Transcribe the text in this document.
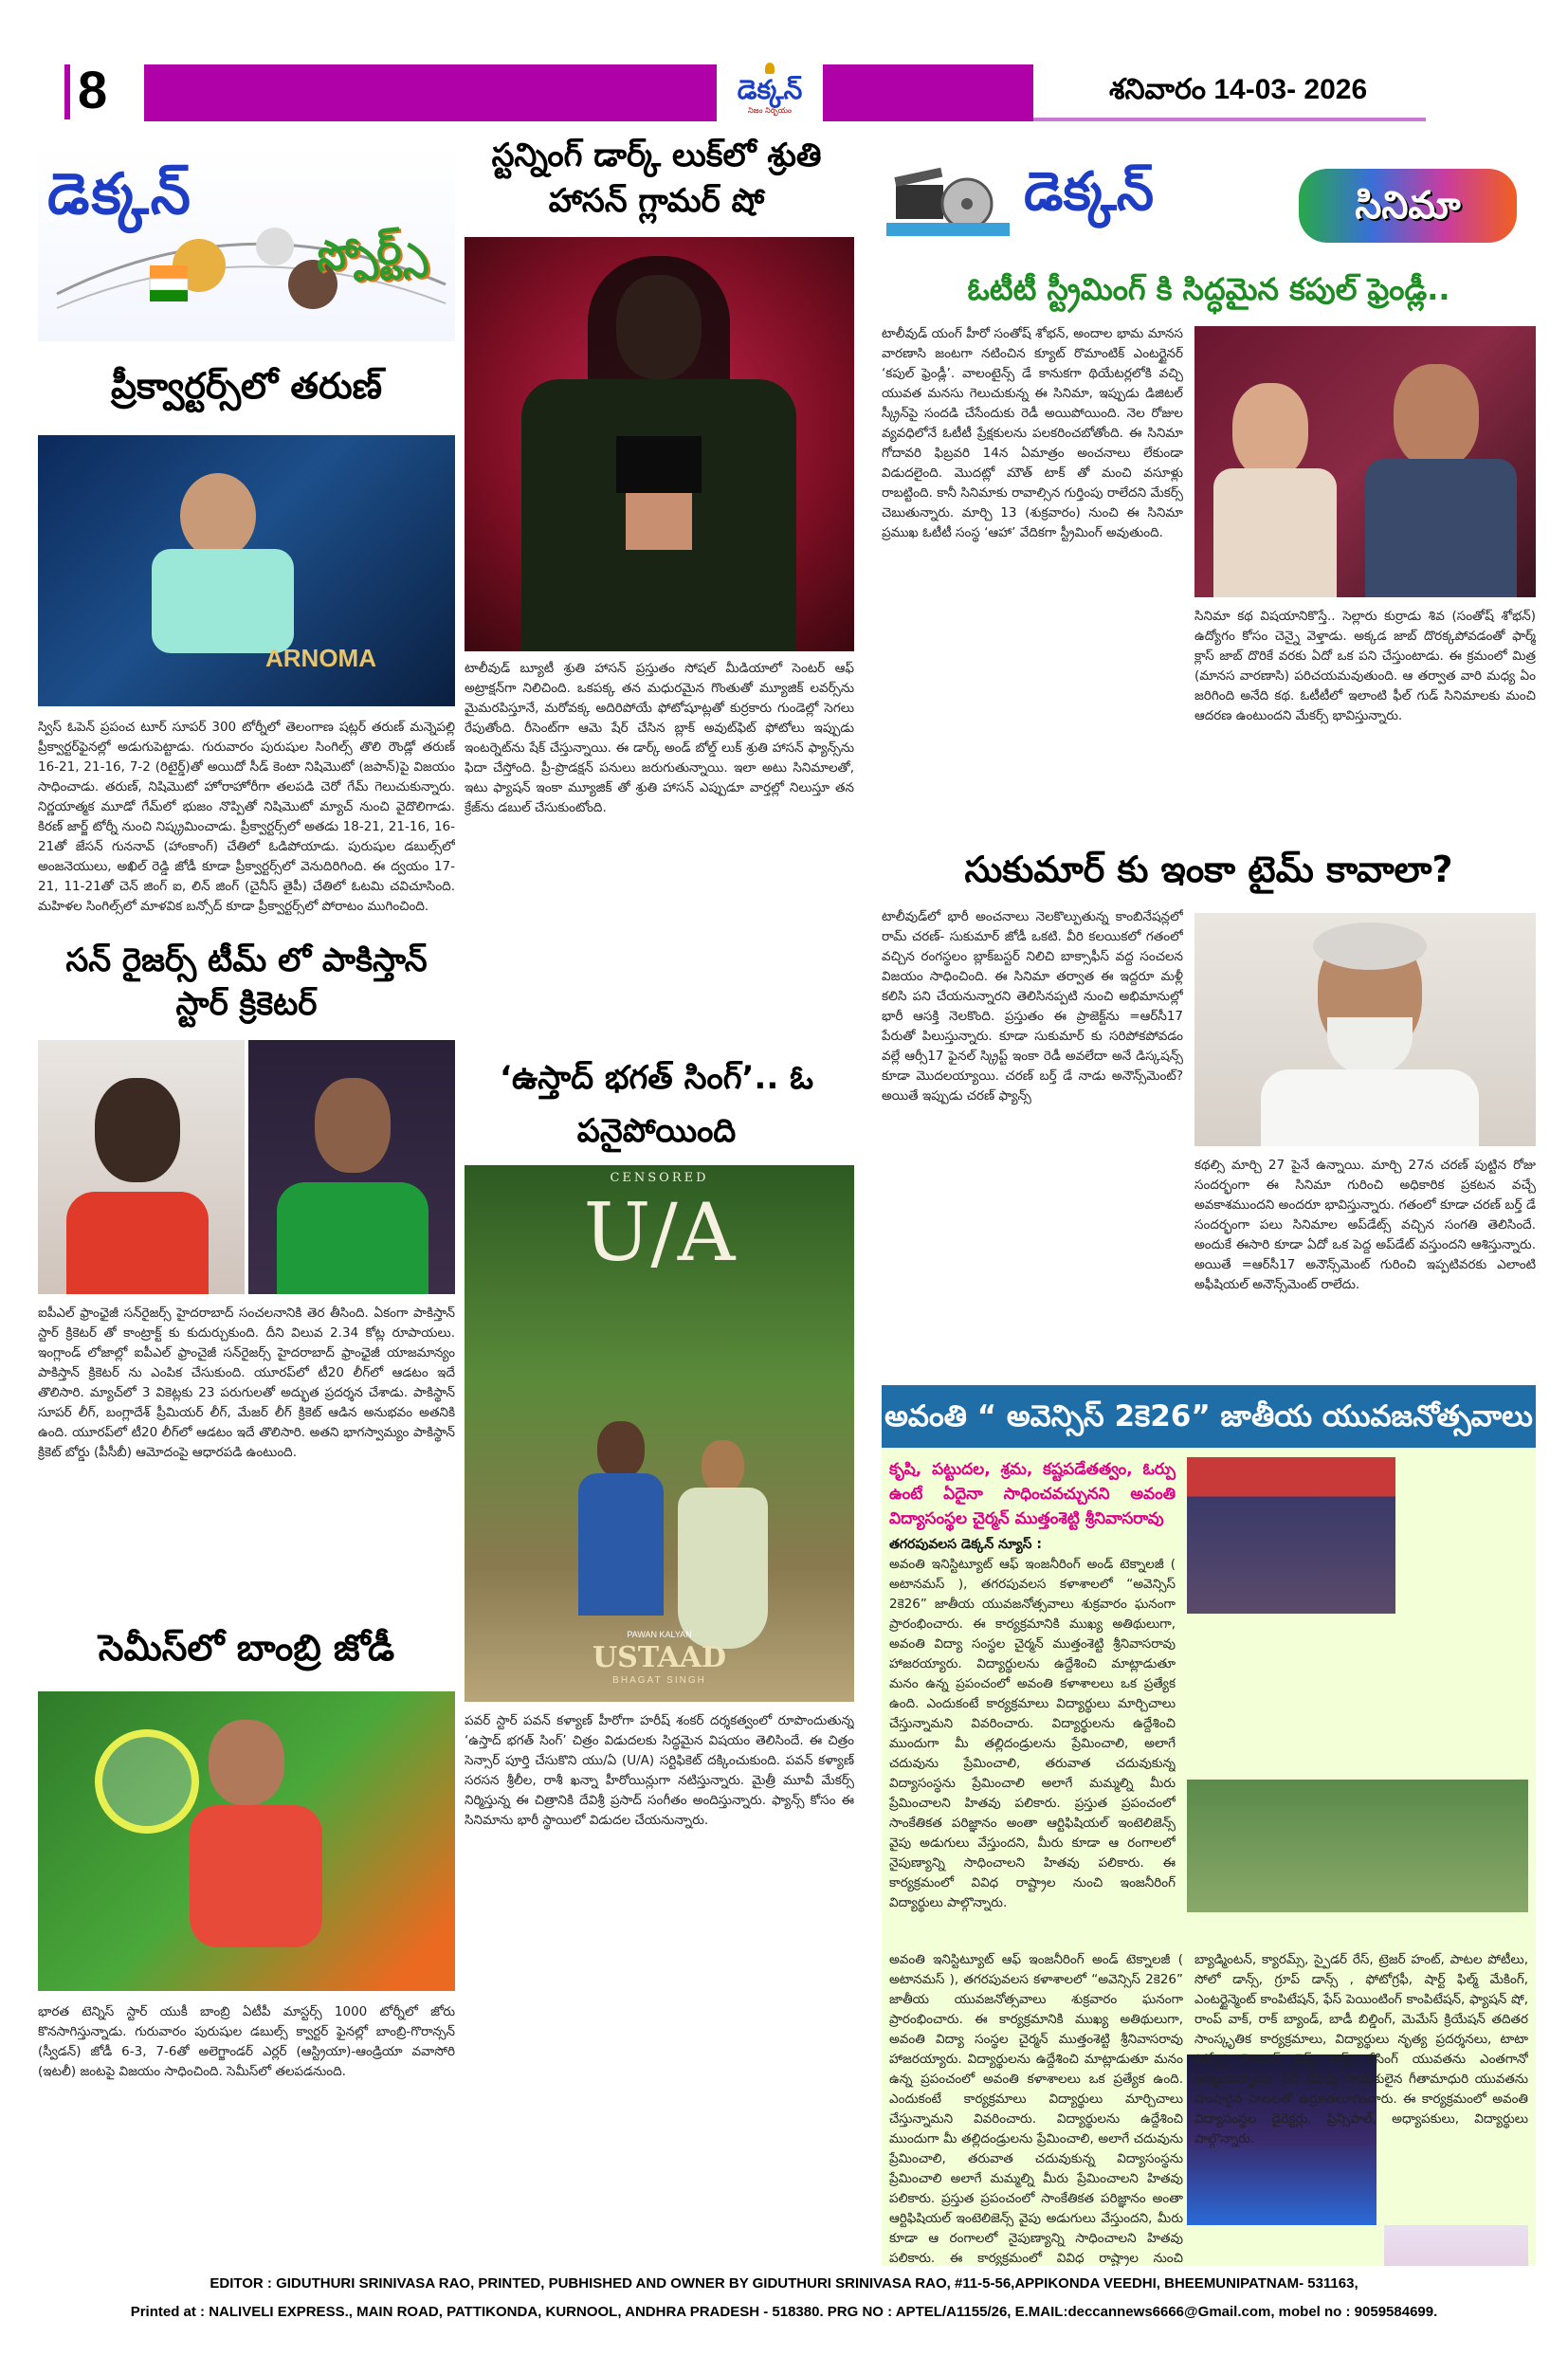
8	డెక్కన్
నిజం నిర్భయం
శనివారం 14-03- 2026
డెక్కన్
స్పోర్ట్స్
ప్రీక్వార్టర్స్‌లో తరుణ్
ARNOMA
స్విస్ ఓపెన్ ప్రపంచ టూర్ సూపర్ 300 టోర్నీలో తెలంగాణ షట్లర్ తరుణ్ మన్నెపల్లి ప్రీక్వార్టర్‌ఫైనల్లో అడుగుపెట్టాడు. గురువారం పురుషుల సింగిల్స్ తొలి రౌండ్లో తరుణ్ 16-21, 21-16, 7-2 (రిటైర్డ్)తో అయిదో సీడ్ కెంటా నిషిమొటో (జపాన్)పై విజయం సాధించాడు. తరుణ్, నిషిమొటో హోరాహోరీగా తలపడి చెరో గేమ్ గెలుచుకున్నారు. నిర్ణయాత్మక మూడో గేమ్‌లో భుజం నొప్పితో నిషిమొటో మ్యాచ్ నుంచి వైదొలిగాడు. కిరణ్ జార్జ్ టోర్నీ నుంచి నిష్క్రమించాడు. ప్రీక్వార్టర్స్‌లో అతడు 18-21, 21-16, 16-21తో జేసన్ గుననావ్ (హాంకాంగ్) చేతిలో ఓడిపోయాడు. పురుషుల డబుల్స్‌లో అంజనెయులు, అఖిల్ రెడ్డి జోడీ కూడా ప్రీక్వార్టర్స్‌లో వెనుదిరిగింది. ఈ ద్వయం 17-21, 11-21తో చెన్ జింగ్ ఐ, లిన్ జింగ్ (చైనీస్ తైపీ) చేతిలో ఓటమి చవిచూసింది. మహిళల సింగిల్స్‌లో మాళవిక బన్సోద్ కూడా ప్రీక్వార్టర్స్‌లో పోరాటం ముగించింది.
సన్ రైజర్స్ టీమ్ లో పాకిస్తాన్ స్టార్ క్రికెటర్
ఐపీఎల్ ఫ్రాంఛైజీ సన్‌రైజర్స్ హైదరాబాద్ సంచలనానికి తెర తీసింది. ఏకంగా పాకిస్తాన్ స్టార్ క్రికెటర్ తో కాంట్రాక్ట్ కు కుదుర్చుకుంది. దీని విలువ 2.34 కోట్ల రూపాయలు. ఇంగ్లాండ్ లోజాల్లో ఐపీఎల్ ఫ్రాంచైజీ సన్‌రైజర్స్ హైదరాబాద్ ఫ్రాంఛైజీ యాజమాన్యం పాకిస్తాన్ క్రికెటర్ ను ఎంపిక చేసుకుంది. యూరప్‌లో టీ20 లీగ్‌లో ఆడటం ఇదే తొలిసారి. మ్యాచ్‌లో 3 వికెట్లకు 23 పరుగులతో అద్భుత ప్రదర్శన చేశాడు. పాకిస్థాన్ సూపర్ లీగ్, బంగ్లాదేశ్ ప్రీమియర్ లీగ్, మేజర్ లీగ్ క్రికెట్ ఆడిన అనుభవం అతనికి ఉంది. యూరప్‌లో టీ20 లీగ్‌లో ఆడటం ఇదే తొలిసారి. అతని భాగస్వామ్యం పాకిస్థాన్ క్రికెట్ బోర్డు (పీసీబీ) ఆమోదంపై ఆధారపడి ఉంటుంది.
సెమీస్‌లో బాంబ్రి జోడీ
భారత టెన్నిస్ స్టార్ యుకీ బాంబ్రి ఏటీపీ మాస్టర్స్ 1000 టోర్నీలో జోరు కొనసాగిస్తున్నాడు. గురువారం పురుషుల డబుల్స్ క్వార్టర్ ఫైనల్లో బాంబ్రి-గొరాన్సన్ (స్వీడన్) జోడీ 6-3, 7-6తో అలెగ్జాండర్ ఎర్లర్ (ఆస్ట్రియా)-ఆండ్రియా వవాసోరి (ఇటలీ) జంటపై విజయం సాధించింది. సెమీస్‌లో తలపడనుంది.
స్టన్నింగ్ డార్క్ లుక్‌లో శ్రుతి హాసన్ గ్లామర్ షో
టాలీవుడ్ బ్యూటీ శ్రుతి హాసన్ ప్రస్తుతం సోషల్ మీడియాలో సెంటర్ ఆఫ్ అట్రాక్షన్‌గా నిలిచింది. ఒకపక్క తన మధురమైన గొంతుతో మ్యూజిక్ లవర్స్‌ను మైమరపిస్తూనే, మరోవక్క అదిరిపోయే ఫోటోషూట్లతో కుర్రకారు గుండెల్లో సెగలు రేపుతోంది. రీసెంట్‌గా ఆమె షేర్ చేసిన బ్లాక్ అవుట్‌ఫిట్ ఫోటోలు ఇప్పుడు ఇంటర్నెట్‌ను షేక్ చేస్తున్నాయి. ఈ డార్క్ అండ్ బోల్డ్ లుక్ శ్రుతి హాసన్ ఫ్యాన్స్‌ను ఫిదా చేస్తోంది. ప్రీ-ప్రొడక్షన్ పనులు జరుగుతున్నాయి. ఇలా అటు సినిమాలతో, ఇటు ఫ్యాషన్ ఇంకా మ్యూజిక్ తో శ్రుతి హాసన్ ఎప్పుడూ వార్తల్లో నిలుస్తూ తన క్రేజ్‌ను డబుల్ చేసుకుంటోంది.
‘ఉస్తాద్ భగత్ సింగ్’.. ఓ పనైపోయింది
CENSORED
U/A
PAWAN KALYAN
USTAAD
BHAGAT SINGH
పవర్ స్టార్ పవన్ కళ్యాణ్ హీరోగా హరీష్ శంకర్ దర్శకత్వంలో రూపొందుతున్న ‘ఉస్తాద్ భగత్ సింగ్’ చిత్రం విడుదలకు సిద్ధమైన విషయం తెలిసిందే. ఈ చిత్రం సెన్సార్ పూర్తి చేసుకొని యు/ఏ (U/A) సర్టిఫికెట్ దక్కించుకుంది. పవన్ కళ్యాణ్ సరసన శ్రీలీల, రాశీ ఖన్నా హీరోయిన్లుగా నటిస్తున్నారు. మైత్రీ మూవీ మేకర్స్ నిర్మిస్తున్న ఈ చిత్రానికి దేవిశ్రీ ప్రసాద్ సంగీతం అందిస్తున్నారు. ఫ్యాన్స్ కోసం ఈ సినిమాను భారీ స్థాయిలో విడుదల చేయనున్నారు.
డెక్కన్	సినిమా
ఓటీటీ స్ట్రీమింగ్ కి సిద్ధమైన కపుల్ ఫ్రెండ్లీ..
టాలీవుడ్ యంగ్ హీరో సంతోష్ శోభన్, అందాల భామ మానస వారణాసి జంటగా నటించిన క్యూట్ రొమాంటిక్ ఎంటర్టైనర్ ‘కపుల్ ఫ్రెండ్లీ’. వాలంటైన్స్ డే కానుకగా థియేటర్లలోకి వచ్చి యువత మనసు గెలుచుకున్న ఈ సినిమా, ఇప్పుడు డిజిటల్ స్క్రీన్‌పై సందడి చేసేందుకు రెడీ అయిపోయింది. నెల రోజుల వ్యవధిలోనే ఓటీటీ ప్రేక్షకులను పలకరించబోతోంది. ఈ సినిమా గోదావరి ఫిబ్రవరి 14న ఏమాత్రం అంచనాలు లేకుండా విడుదలైంది. మొదట్లో మౌత్ టాక్ తో మంచి వసూళ్లు రాబట్టింది. కానీ సినిమాకు రావాల్సిన గుర్తింపు రాలేదని మేకర్స్ చెబుతున్నారు. మార్చి 13 (శుక్రవారం) నుంచి ఈ సినిమా ప్రముఖ ఓటీటీ సంస్థ ‘ఆహా’ వేదికగా స్ట్రీమింగ్ అవుతుంది.
సినిమా కథ విషయానికొస్తే.. సెల్లారు కుర్రాడు శివ (సంతోష్ శోభన్) ఉద్యోగం కోసం చెన్నై వెళ్తాడు. అక్కడ జాబ్ దొరక్కపోవడంతో ఫార్మ్ క్లాస్ జాబ్ దొరికే వరకు ఏదో ఒక పని చేస్తుంటాడు. ఈ క్రమంలో మిత్ర (మానస వారణాసి) పరిచయమవుతుంది. ఆ తర్వాత వారి మధ్య ఏం జరిగింది అనేది కథ. ఓటీటీలో ఇలాంటి ఫీల్ గుడ్ సినిమాలకు మంచి ఆదరణ ఉంటుందని మేకర్స్ భావిస్తున్నారు.
సుకుమార్ కు ఇంకా టైమ్ కావాలా?
టాలీవుడ్‌లో భారీ అంచనాలు నెలకొల్పుతున్న కాంబినేషన్లలో రామ్ చరణ్- సుకుమార్ జోడీ ఒకటి. వీరి కలయికలో గతంలో వచ్చిన రంగస్థలం బ్లాక్‌బస్టర్ నిలిచి బాక్సాఫీస్ వద్ద సంచలన విజయం సాధించింది. ఈ సినిమా తర్వాత ఈ ఇద్దరూ మళ్లీ కలిసి పని చేయనున్నారని తెలిసినప్పటి నుంచి అభిమానుల్లో భారీ ఆసక్తి నెలకొంది. ప్రస్తుతం ఈ ప్రాజెక్ట్‌ను =ఆర్‌సీ17 పేరుతో పిలుస్తున్నారు. కూడా సుకుమార్ కు సరిపోకపోవడం వల్లే ఆర్సీ17 ఫైనల్ స్క్రిప్ట్ ఇంకా రెడీ అవలేదా అనే డిస్కషన్స్ కూడా మొదలయ్యాయి. చరణ్ బర్త్ డే నాడు అనౌన్స్‌మెంట్? అయితే ఇప్పుడు చరణ్ ఫ్యాన్స్
కథల్సి మార్చి 27 పైనే ఉన్నాయి. మార్చి 27న చరణ్ పుట్టిన రోజు సందర్భంగా ఈ సినిమా గురించి అధికారిక ప్రకటన వచ్చే అవకాశముందని అందరూ భావిస్తున్నారు. గతంలో కూడా చరణ్ బర్త్ డే సందర్భంగా పలు సినిమాల అప్‌డేట్స్ వచ్చిన సంగతి తెలిసిందే. అందుకే ఈసారి కూడా ఏదో ఒక పెద్ద అప్‌డేట్ వస్తుందని ఆశిస్తున్నారు. అయితే =ఆర్‌సీ17 అనౌన్స్‌మెంట్ గురించి ఇప్పటివరకు ఎలాంటి అఫీషియల్ అనౌన్స్‌మెంట్ రాలేదు.
అవంతి “ అవెన్సిస్ 2కె26” జాతీయ యువజనోత్సవాలు
కృషి, పట్టుదల, శ్రమ, కష్టపడేతత్వం, ఓర్పు ఉంటే ఏదైనా సాధించవచ్చునని అవంతి విద్యాసంస్థల చైర్మన్ ముత్తంశెట్టి శ్రీనివాసరావు
తగరపువలస డెక్కన్ న్యూస్ :
అవంతి ఇనిస్టిట్యూట్ ఆఫ్ ఇంజనీరింగ్ అండ్ టెక్నాలజీ ( అటానమస్ ), తగరపువలస కళాశాలలో “అవెన్సిస్ 2కె26” జాతీయ యువజనోత్సవాలు శుక్రవారం ఘనంగా ప్రారంభించారు. ఈ కార్యక్రమానికి ముఖ్య అతిథులుగా, అవంతి విద్యా సంస్థల చైర్మన్ ముత్తంశెట్టి శ్రీనివాసరావు హాజరయ్యారు. విద్యార్థులను ఉద్దేశించి మాట్లాడుతూ మనం ఉన్న ప్రపంచంలో అవంతి కళాశాలలు ఒక ప్రత్యేక ఉంది. ఎందుకంటే కార్యక్రమాలు విద్యార్థులు మార్చిచాలు చేస్తున్నామని వివరించారు. విద్యార్థులను ఉద్దేశించి ముందుగా మీ తల్లిదండ్రులను ప్రేమించాలి, అలాగే చదువును ప్రేమించాలి, తరువాత చదువుకున్న విద్యాసంస్థను ప్రేమించాలి అలాగే మమ్మల్ని మీరు ప్రేమించాలని హితవు పలికారు. ప్రస్తుత ప్రపంచంలో సాంకేతికత పరిజ్ఞానం అంతా ఆర్టిఫిషియల్ ఇంటెలిజెన్స్ వైపు అడుగులు వేస్తుందని, మీరు కూడా ఆ రంగాలలో నైపుణ్యాన్ని సాధించాలని హితవు పలికారు. ఈ కార్యక్రమంలో వివిధ రాష్ట్రాల నుంచి ఇంజనీరింగ్ విద్యార్థులు పాల్గొన్నారు.
అవంతి ఇనిస్టిట్యూట్ ఆఫ్ ఇంజనీరింగ్ అండ్ టెక్నాలజీ ( అటానమస్ ), తగరపువలస కళాశాలలో “అవెన్సిస్ 2కె26” జాతీయ యువజనోత్సవాలు శుక్రవారం ఘనంగా ప్రారంభించారు. ఈ కార్యక్రమానికి ముఖ్య అతిథులుగా, అవంతి విద్యా సంస్థల చైర్మన్ ముత్తంశెట్టి శ్రీనివాసరావు హాజరయ్యారు. విద్యార్థులను ఉద్దేశించి మాట్లాడుతూ మనం ఉన్న ప్రపంచంలో అవంతి కళాశాలలు ఒక ప్రత్యేక ఉంది. ఎందుకంటే కార్యక్రమాలు విద్యార్థులు మార్చిచాలు చేస్తున్నామని వివరించారు. విద్యార్థులను ఉద్దేశించి ముందుగా మీ తల్లిదండ్రులను ప్రేమించాలి, అలాగే చదువును ప్రేమించాలి, తరువాత చదువుకున్న విద్యాసంస్థను ప్రేమించాలి అలాగే మమ్మల్ని మీరు ప్రేమించాలని హితవు పలికారు. ప్రస్తుత ప్రపంచంలో సాంకేతికత పరిజ్ఞానం అంతా ఆర్టిఫిషియల్ ఇంటెలిజెన్స్ వైపు అడుగులు వేస్తుందని, మీరు కూడా ఆ రంగాలలో నైపుణ్యాన్ని సాధించాలని హితవు పలికారు. ఈ కార్యక్రమంలో వివిధ రాష్ట్రాల నుంచి
బ్యాడ్మింటన్, క్యారమ్స్, స్పైడర్ రేస్, ట్రెజర్ హంట్, పాటల పోటీలు, సోలో డాన్స్, గ్రూప్ డాన్స్ , ఫోటోగ్రఫీ, షార్ట్ ఫిల్మ్ మేకింగ్, ఎంటర్టైన్మెంట్ కాంపిటేషన్, ఫేస్ పెయింటింగ్ కాంపిటేషన్, ఫ్యాషన్ షో, రాంప్ వాక్, రాక్ బ్యాండ్, బాడీ బిల్డింగ్, మెమేస్ క్రియేషన్ తదితర సాంస్కృతిక కార్యక్రమాలు, విద్యార్థులు నృత్య ప్రదర్శనలు, టాటా ఎక్స్పో మోటార్ బైక్స్ కార్స్ రేసింగ్ యువతను ఎంతగానో ఆకట్టుకున్నాయి. సినీ నేపథ్య గాయకులైన గీతామాధురి యువతను హుషారైన పాటలతో ఉర్రూతలూగించారు. ఈ కార్యక్రమంలో అవంతి విద్యాసంస్థల డైరెక్టర్లు, ప్రిన్సిపాల్, అధ్యాపకులు, విద్యార్థులు పాల్గొన్నారు.
EDITOR : GIDUTHURI SRINIVASA RAO, PRINTED, PUBHISHED AND OWNER BY GIDUTHURI SRINIVASA RAO, #11-5-56,APPIKONDA VEEDHI, BHEEMUNIPATNAM- 531163,
Printed at : NALIVELI EXPRESS., MAIN ROAD, PATTIKONDA, KURNOOL, ANDHRA PRADESH - 518380. PRG NO : APTEL/A1155/26, E.MAIL:deccannews6666@Gmail.com, mobel no : 9059584699.
